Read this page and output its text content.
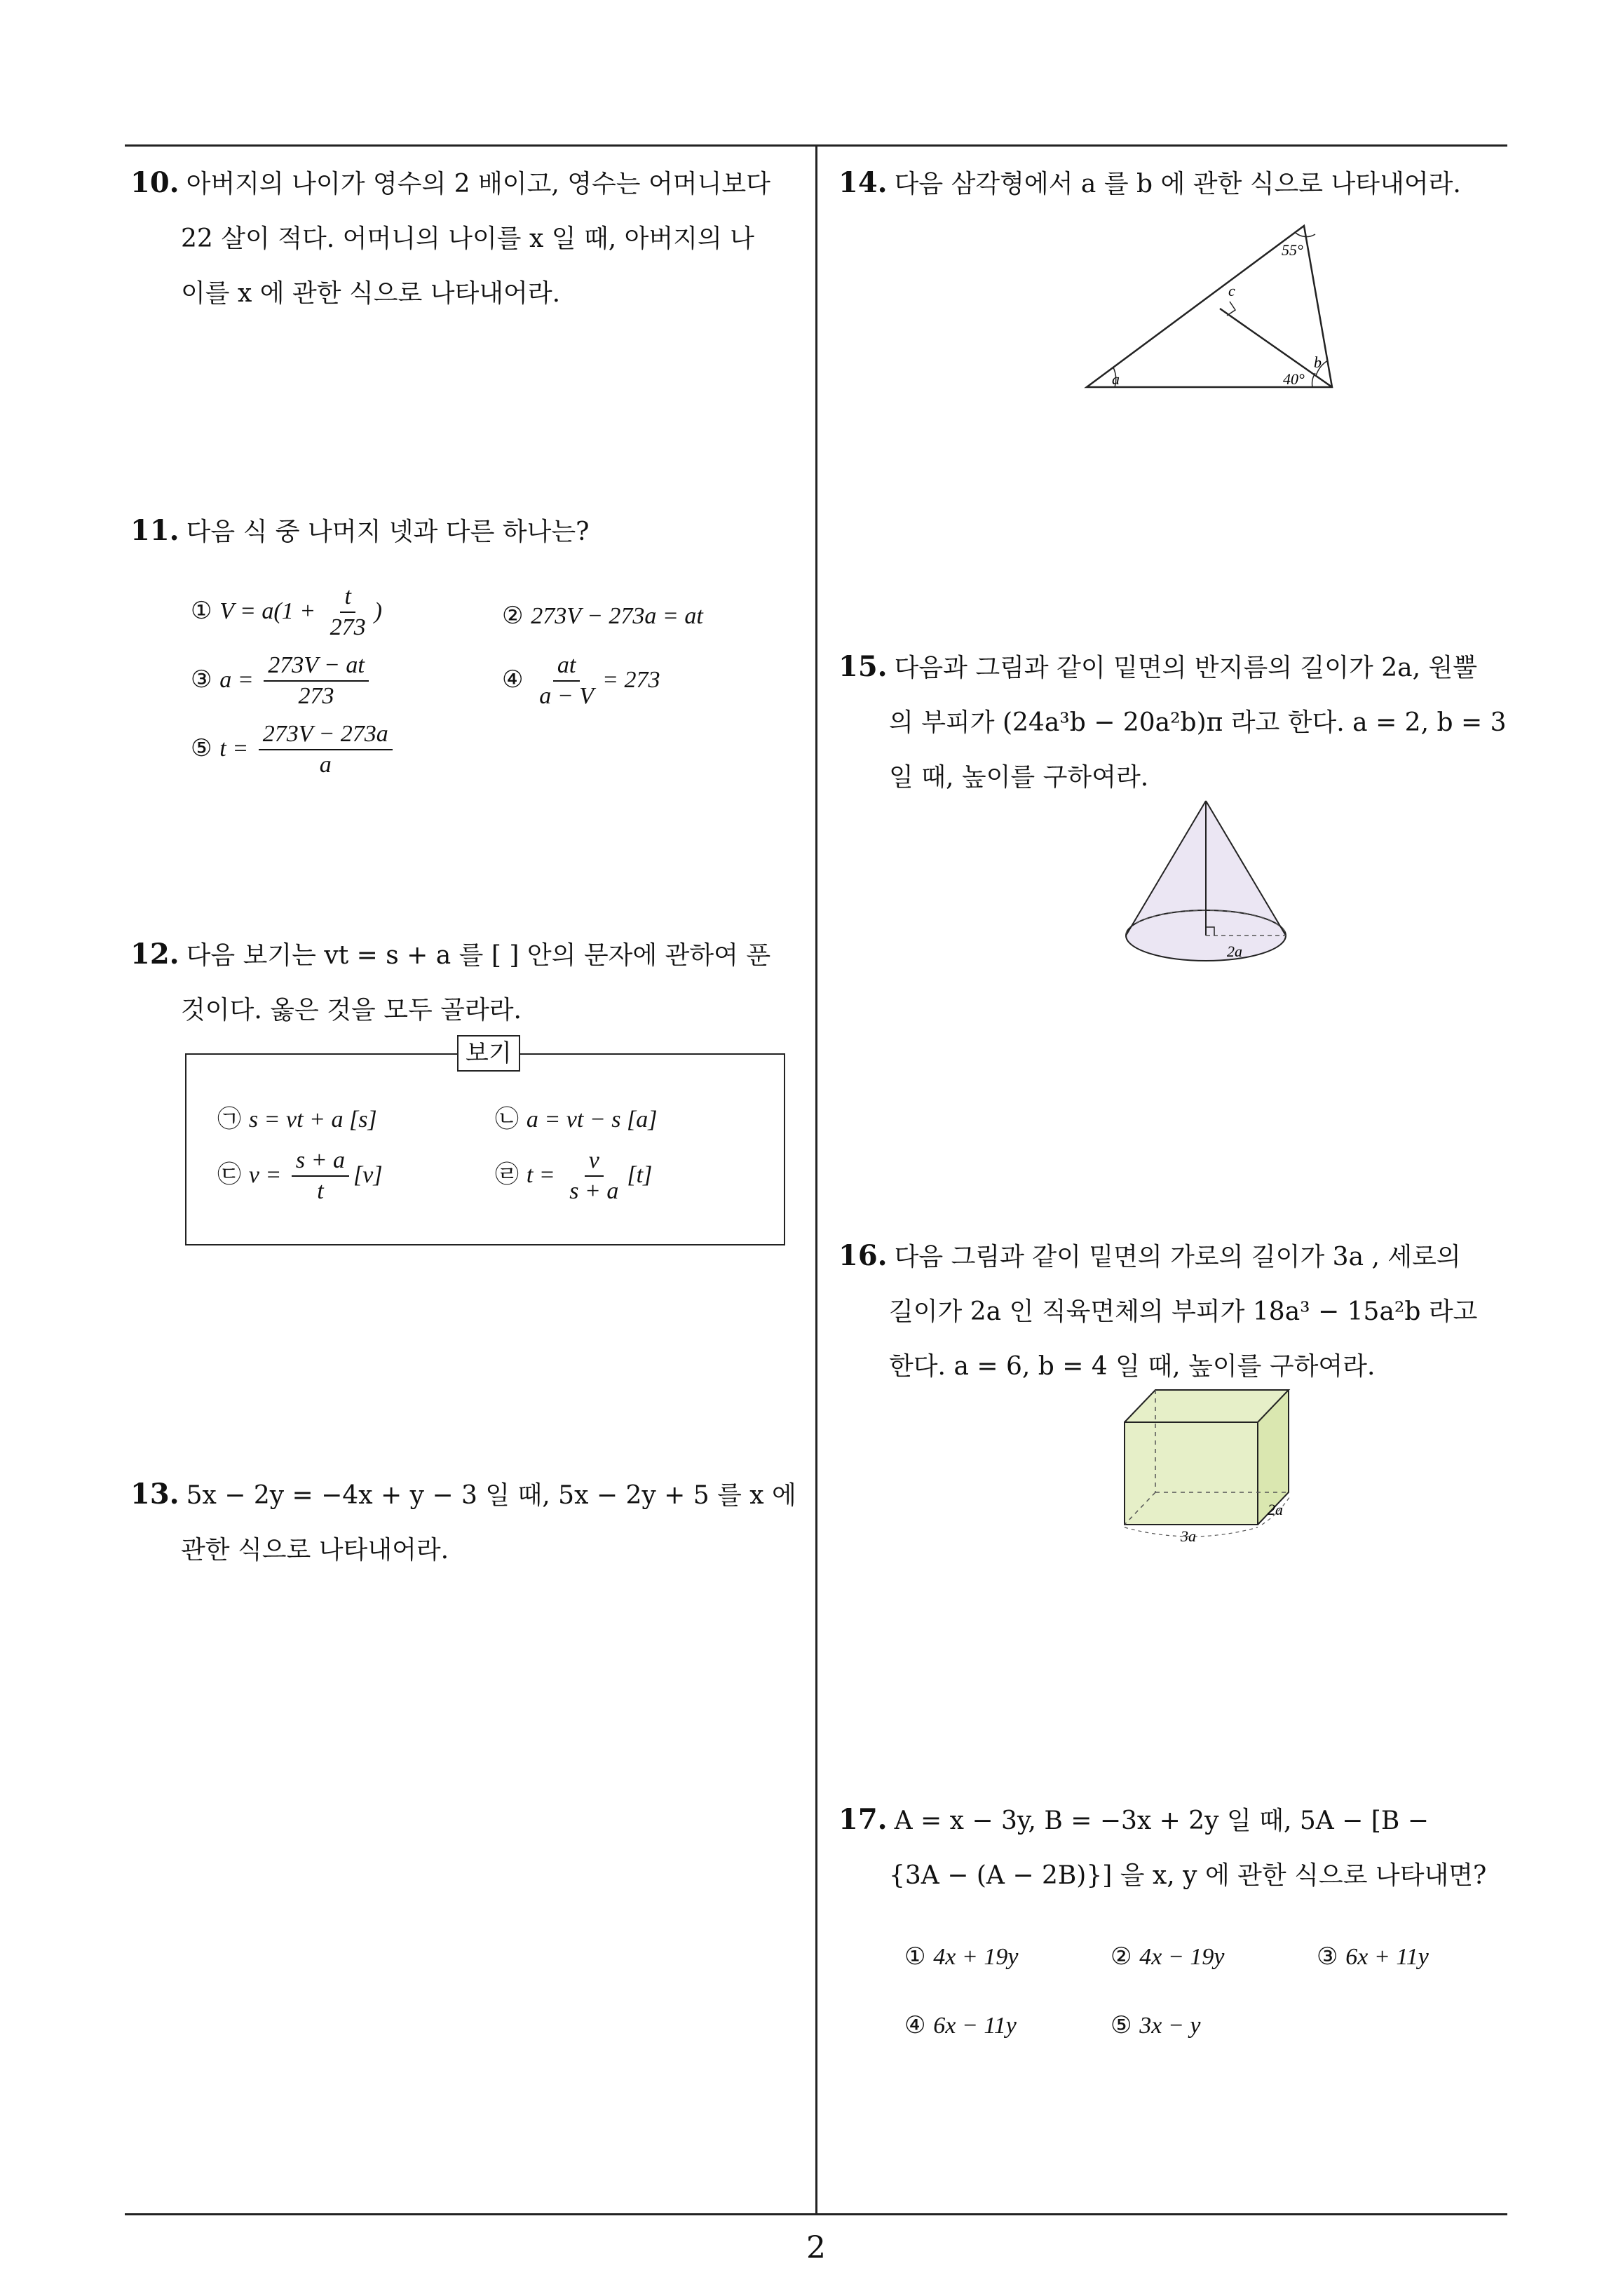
10. 아버지의 나이가 영수의 2 배이고, 영수는 어머니보다
22 살이 적다. 어머니의 나이를 x 일 때, 아버지의 나
이를 x 에 관한 식으로 나타내어라.
11. 다음 식 중 나머지 넷과 다른 하나는?
① $V = a(1 + \frac{t}{273}$ )	② 273V − 273a = at
③ $a = \frac{273V - at}{273}$	④ $\frac{at}{a - V} = 273$
⑤ $t = \frac{273V - 273a}{a}$
12. 다음 보기는 vt = s + a 를 [ ] 안의 문자에 관하여 푼
것이다. 옳은 것을 모두 골라라.
㉠ s = vt + a [s]	㉡ a = vt − s [a]
㉢ $v = \frac{s + a}{t} [v]$	㉣ $t = \frac{v}{s + a} [t]$
보기
13. 5x − 2y = −4x + y − 3 일 때, 5x − 2y + 5 를 x 에
관한 식으로 나타내어라.
14. 다음 삼각형에서 a 를 b 에 관한 식으로 나타내어라.
a
55°
c
b
40°
15. 다음과 그림과 같이 밑면의 반지름의 길이가 2a, 원뿔
의 부피가 (24a³b − 20a²b)π 라고 한다. a = 2, b = 3
일 때, 높이를 구하여라.
2a
16. 다음 그림과 같이 밑면의 가로의 길이가 3a , 세로의
길이가 2a 인 직육면체의 부피가 18a³ − 15a²b 라고
한다. a = 6, b = 4 일 때, 높이를 구하여라.
3a
2a
17. A = x − 3y, B = −3x + 2y 일 때, 5A − [B −
{3A − (A − 2B)}] 을 x, y 에 관한 식으로 나타내면?
① 4x + 19y	② 4x − 19y	③ 6x + 11y
④ 6x − 11y	⑤ 3x − y
2
